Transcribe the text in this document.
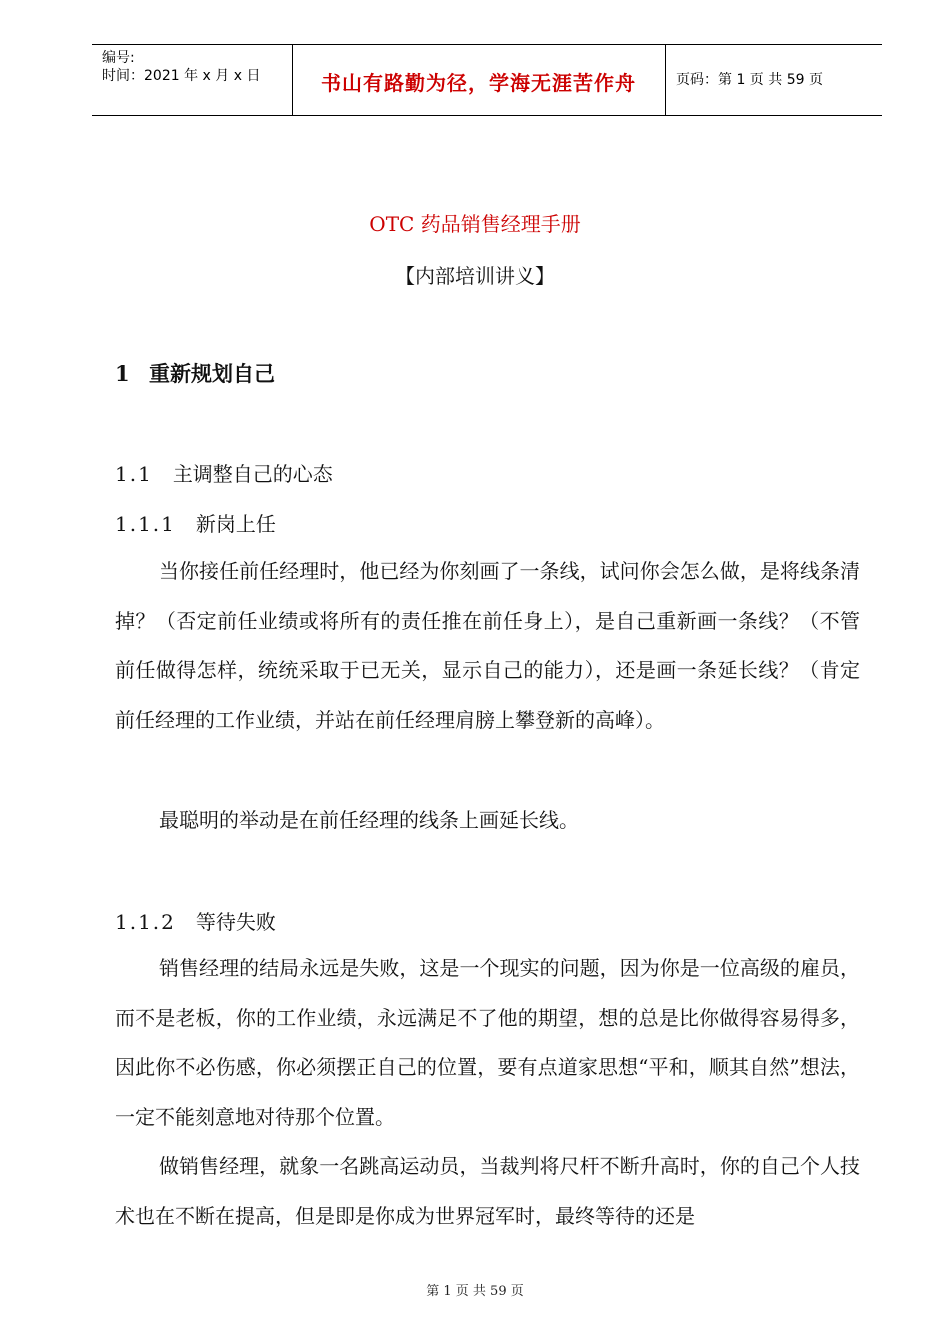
编号:
时间：2021 年 x 月 x 日	书山有路勤为径，学海无涯苦作舟	页码：第 1 页 共 59 页
OTC 药品销售经理手册
【内部培训讲义】
1 重新规划自己
1.1 主调整自己的心态
1.1.1 新岗上任

当你接任前任经理时，他已经为你刻画了一条线，试问你会怎么做，是将线条清掉？（否定前任业绩或将所有的责任推在前任身上），是自己重新画一条线？（不管前任做得怎样，统统采取于已无关，显示自己的能力），还是画一条延长线？（肯定前任经理的工作业绩，并站在前任经理肩膀上攀登新的高峰）。

最聪明的举动是在前任经理的线条上画延长线。

1.1.2 等待失败

销售经理的结局永远是失败，这是一个现实的问题，因为你是一位高级的雇员，而不是老板，你的工作业绩，永远满足不了他的期望，想的总是比你做得容易得多，因此你不必伤感，你必须摆正自己的位置，要有点道家思想“平和，顺其自然”想法，一定不能刻意地对待那个位置。

做销售经理，就象一名跳高运动员，当裁判将尺杆不断升高时，你的自己个人技术也在不断在提高，但是即是你成为世界冠军时，最终等待的还是

第 1 页 共 59 页
